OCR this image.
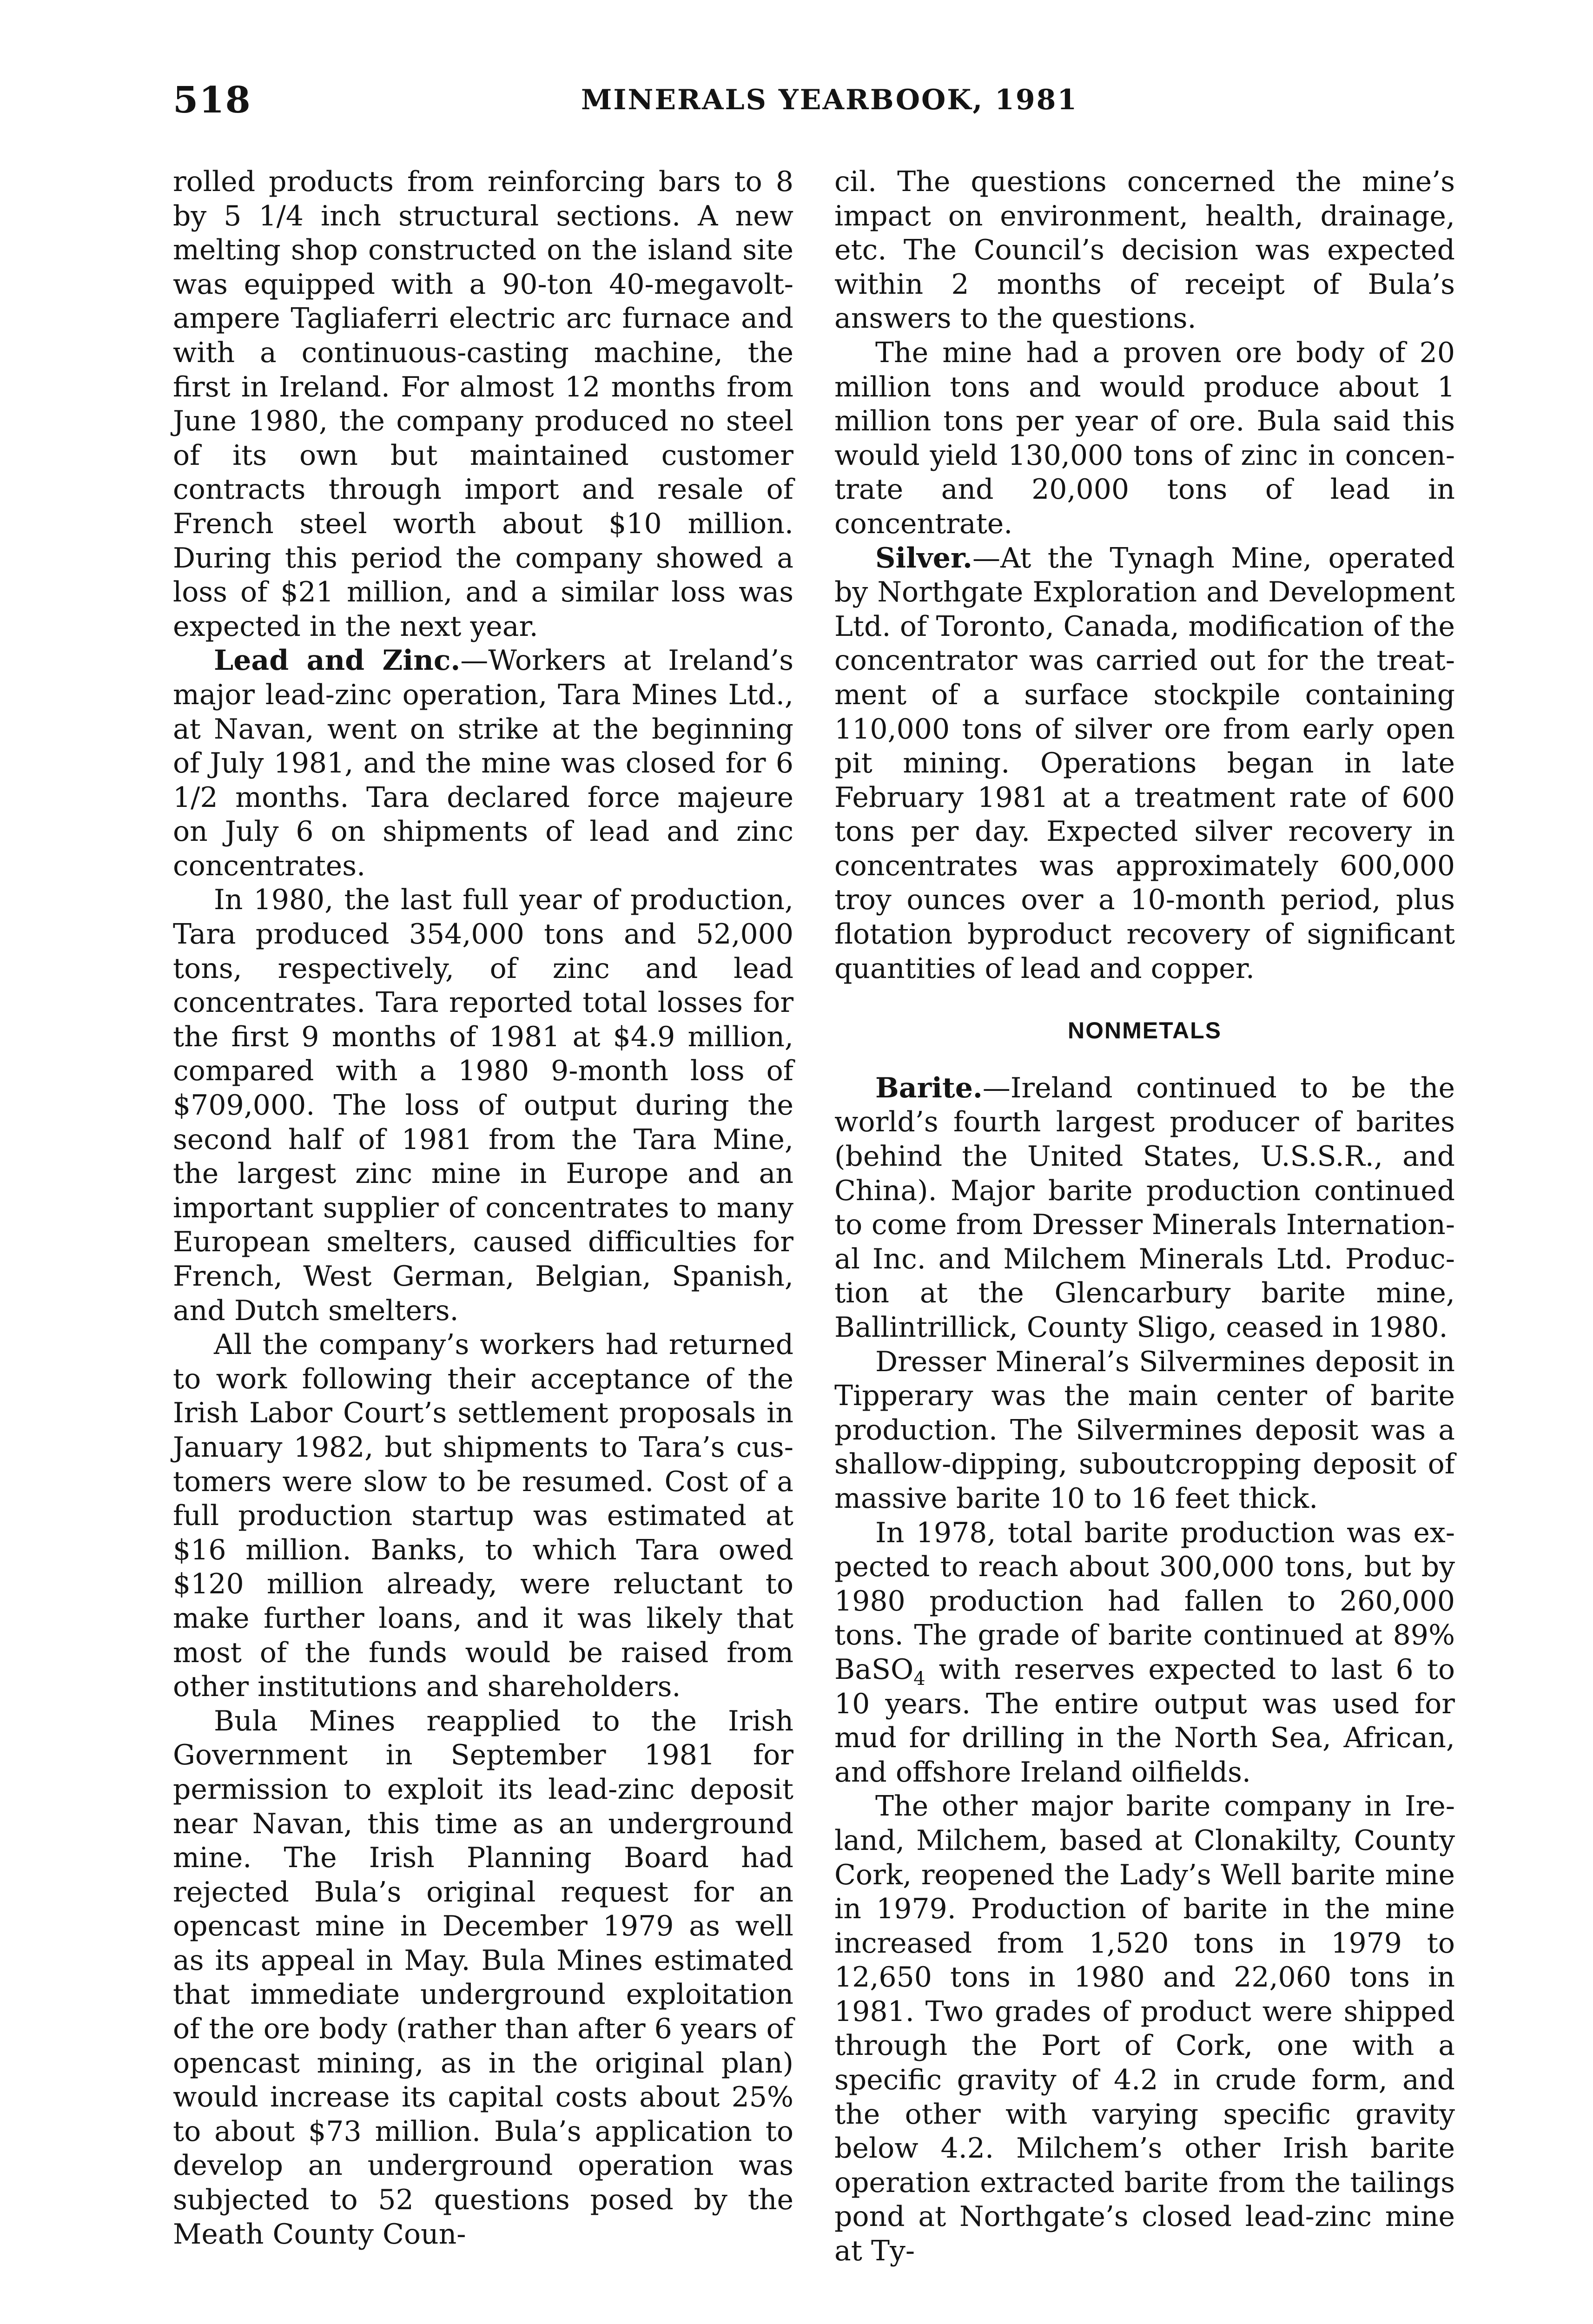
518	MINERALS YEARBOOK, 1981

rolled products from reinforcing bars to 8 by 5 1/4 inch structural sections. A new melting shop constructed on the island site was equipped with a 90-ton 40-megavolt-ampere Tagliaferri electric arc furnace and with a continuous-casting machine, the first in Ireland. For almost 12 months from June 1980, the company produced no steel of its own but maintained customer contracts through import and resale of French steel worth about $10 million. During this period the company showed a loss of $21 million, and a similar loss was expected in the next year.

Lead and Zinc.—Workers at Ireland’s major lead-zinc operation, Tara Mines Ltd., at Navan, went on strike at the beginning of July 1981, and the mine was closed for 6 1/2 months. Tara declared force majeure on July 6 on shipments of lead and zinc concentrates.

In 1980, the last full year of production, Tara produced 354,000 tons and 52,000 tons, respectively, of zinc and lead concentrates. Tara reported total losses for the first 9 months of 1981 at $4.9 million, compared with a 1980 9-month loss of $709,000. The loss of output during the second half of 1981 from the Tara Mine, the largest zinc mine in Europe and an important supplier of concentrates to many European smelters, caused difficulties for French, West German, Belgian, Spanish, and Dutch smelters.

All the company’s workers had returned to work following their acceptance of the Irish Labor Court’s settlement proposals in January 1982, but shipments to Tara’s customers were slow to be resumed. Cost of a full production startup was estimated at $16 million. Banks, to which Tara owed $120 million already, were reluctant to make further loans, and it was likely that most of the funds would be raised from other institutions and shareholders.

Bula Mines reapplied to the Irish Government in September 1981 for permission to exploit its lead-zinc deposit near Navan, this time as an underground mine. The Irish Planning Board had rejected Bula’s original request for an opencast mine in December 1979 as well as its appeal in May. Bula Mines estimated that immediate underground exploitation of the ore body (rather than after 6 years of opencast mining, as in the original plan) would increase its capital costs about 25% to about $73 million. Bula’s application to develop an underground operation was subjected to 52 questions posed by the Meath County Coun-

cil. The questions concerned the mine’s impact on environment, health, drainage, etc. The Council’s decision was expected within 2 months of receipt of Bula’s answers to the questions.

The mine had a proven ore body of 20 million tons and would produce about 1 million tons per year of ore. Bula said this would yield 130,000 tons of zinc in concentrate and 20,000 tons of lead in concentrate.

Silver.—At the Tynagh Mine, operated by Northgate Exploration and Development Ltd. of Toronto, Canada, modification of the concentrator was carried out for the treatment of a surface stockpile containing 110,000 tons of silver ore from early open pit mining. Operations began in late February 1981 at a treatment rate of 600 tons per day. Expected silver recovery in concentrates was approximately 600,000 troy ounces over a 10-month period, plus flotation byproduct recovery of significant quantities of lead and copper.

NONMETALS

Barite.—Ireland continued to be the world’s fourth largest producer of barites (behind the United States, U.S.S.R., and China). Major barite production continued to come from Dresser Minerals International Inc. and Milchem Minerals Ltd. Production at the Glencarbury barite mine, Ballintrillick, County Sligo, ceased in 1980.

Dresser Mineral’s Silvermines deposit in Tipperary was the main center of barite production. The Silvermines deposit was a shallow-dipping, suboutcropping deposit of massive barite 10 to 16 feet thick.

In 1978, total barite production was expected to reach about 300,000 tons, but by 1980 production had fallen to 260,000 tons. The grade of barite continued at 89% BaSO$_4$ with reserves expected to last 6 to 10 years. The entire output was used for mud for drilling in the North Sea, African, and offshore Ireland oilfields.

The other major barite company in Ireland, Milchem, based at Clonakilty, County Cork, reopened the Lady’s Well barite mine in 1979. Production of barite in the mine increased from 1,520 tons in 1979 to 12,650 tons in 1980 and 22,060 tons in 1981. Two grades of product were shipped through the Port of Cork, one with a specific gravity of 4.2 in crude form, and the other with varying specific gravity below 4.2. Milchem’s other Irish barite operation extracted barite from the tailings pond at Northgate’s closed lead-zinc mine at Ty-
